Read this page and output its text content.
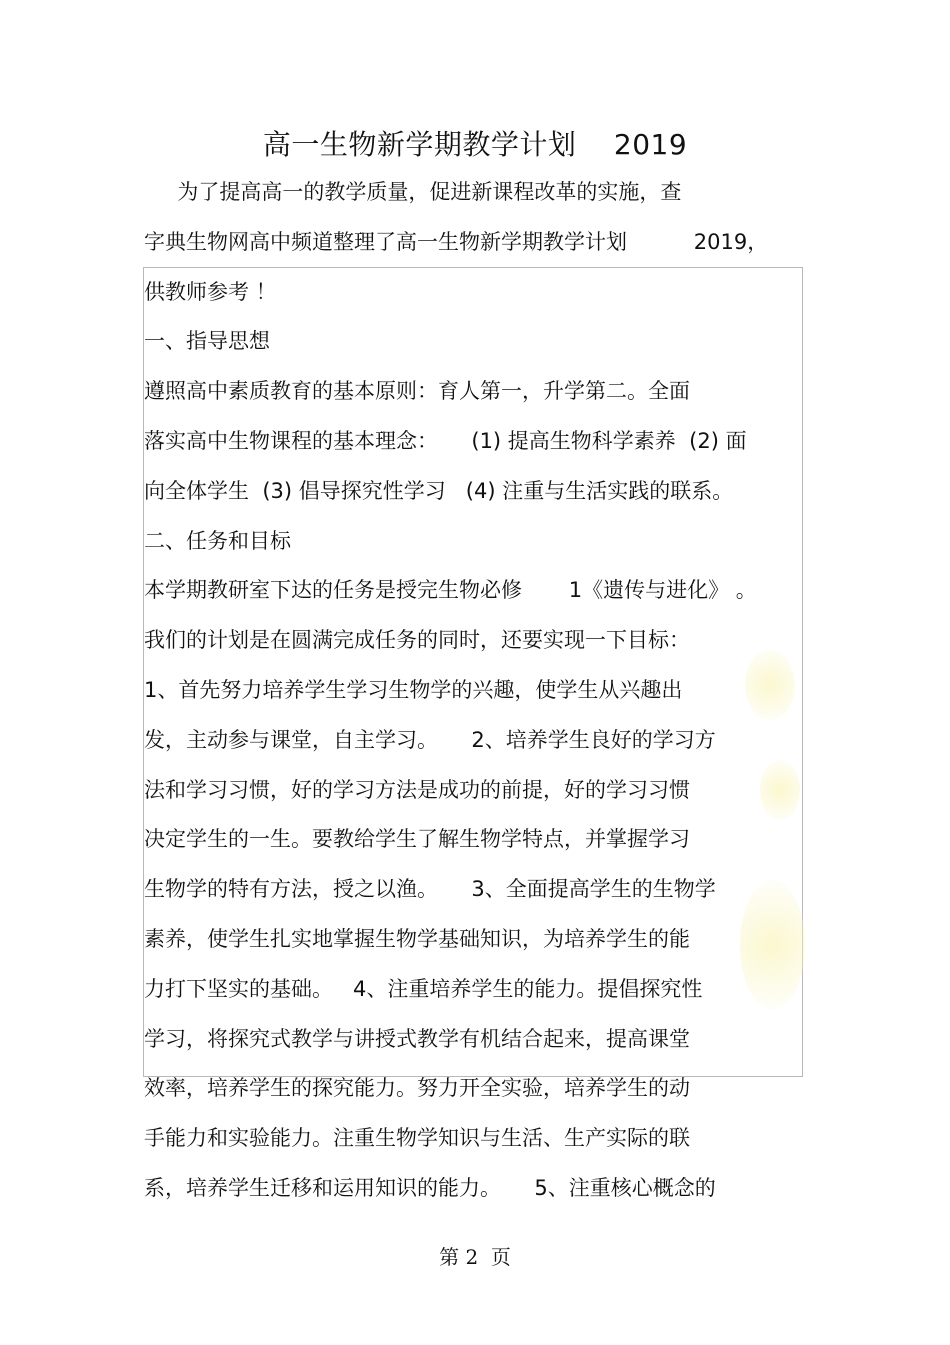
高一生物新学期教学计划    2019
为了提高高一的教学质量，促进新课程改革的实施，查
字典生物网高中频道整理了高一生物新学期教学计划          2019，
供教师参考 ！
一、指导思想
遵照高中素质教育的基本原则：育人第一，升学第二。全面
落实高中生物课程的基本理念：     (1) 提高生物科学素养  (2) 面
向全体学生  (3) 倡导探究性学习   (4) 注重与生活实践的联系。
二、任务和目标
本学期教研室下达的任务是授完生物必修       1《遗传与进化》 。
我们的计划是在圆满完成任务的同时，还要实现一下目标：
1、首先努力培养学生学习生物学的兴趣，使学生从兴趣出
发，主动参与课堂，自主学习。     2、培养学生良好的学习方
法和学习习惯，好的学习方法是成功的前提，好的学习习惯
决定学生的一生。要教给学生了解生物学特点，并掌握学习
生物学的特有方法，授之以渔。     3、全面提高学生的生物学
素养，使学生扎实地掌握生物学基础知识，为培养学生的能
力打下坚实的基础。   4、注重培养学生的能力。提倡探究性
学习，将探究式教学与讲授式教学有机结合起来，提高课堂
效率，培养学生的探究能力。努力开全实验，培养学生的动
手能力和实验能力。注重生物学知识与生活、生产实际的联
系，培养学生迁移和运用知识的能力。     5、注重核心概念的
第 2  页
